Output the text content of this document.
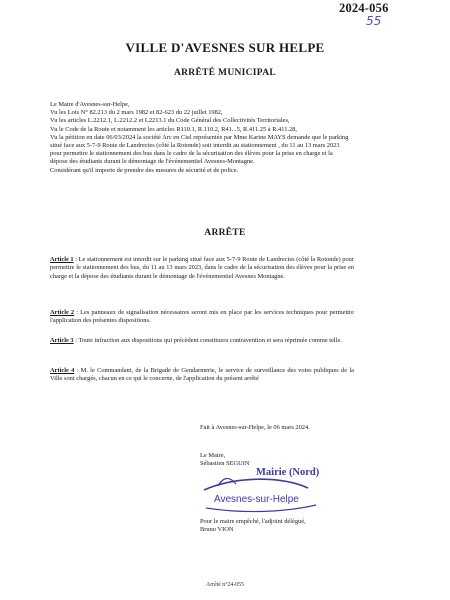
2024-056
55
VILLE D'AVESNES SUR HELPE
ARRÊTÉ MUNICIPAL

Le Maire d'Avesnes-sur-Helpe,

Vu les Lois N° 82.213 du 2 mars 1982 et 82-623 du 22 juillet 1982,

Vu les articles L.2212.1, L.2212.2 et L2213.1 du Code Général des Collectivités Territoriales,

Vu le Code de la Route et notamment les articles R110.1, R.110.2, R41...5, R.411.25 à R.411.28,

Vu la pétition en date 06/03/2024 la société Arc en Ciel représentée par Mme Karine MAYS demande que le parking situé face aux 5-7-9 Route de Landrecies (côté la Rotonde) soit interdit au stationnement , du 11 au 13 mars 2023 pour permettre le stationnement des bus dans le cadre de la sécurisation des élèves pour la prise en charge et la dépose des étudiants durant le démontage de l'événementiel Avesnes-Montagne.

Considérant qu'il importe de prendre des mesures de sécurité et de police.

ARRÊTE
Article 1 : Le stationnement est interdit sur le parking situé face aux 5-7-9 Route de Landrecies (côté la Rotonde) pour permettre le stationnement des bus, du 11 au 13 mars 2023, dans le cadre de la sécurisation des élèves pour la prise en charge et la dépose des étudiants durant le démontage de l'événementiel Avesnes Montagne.
Article 2 : Les panneaux de signalisation nécessaires seront mis en place par les services techniques pour permettre l'application des présentes dispositions.
Article 3 : Toute infraction aux dispositions qui précèdent constituera contravention et sera réprimée comme telle.
Article 4 : M. le Commandant, de la Brigade de Gendarmerie, le service de surveillance des voies publiques de la Ville sont chargés, chacun en ce qui le concerne, de l'application du présent arrêté
Fait à Avesnes-sur-Helpe, le 06 mars 2024.

Le Maire,

Sébastien SEGUIN

Mairie (Nord)
Avesnes-sur-Helpe

Pour le maire empêché, l'adjoint délégué,

Bruno VION

Arrêté n°24-055
